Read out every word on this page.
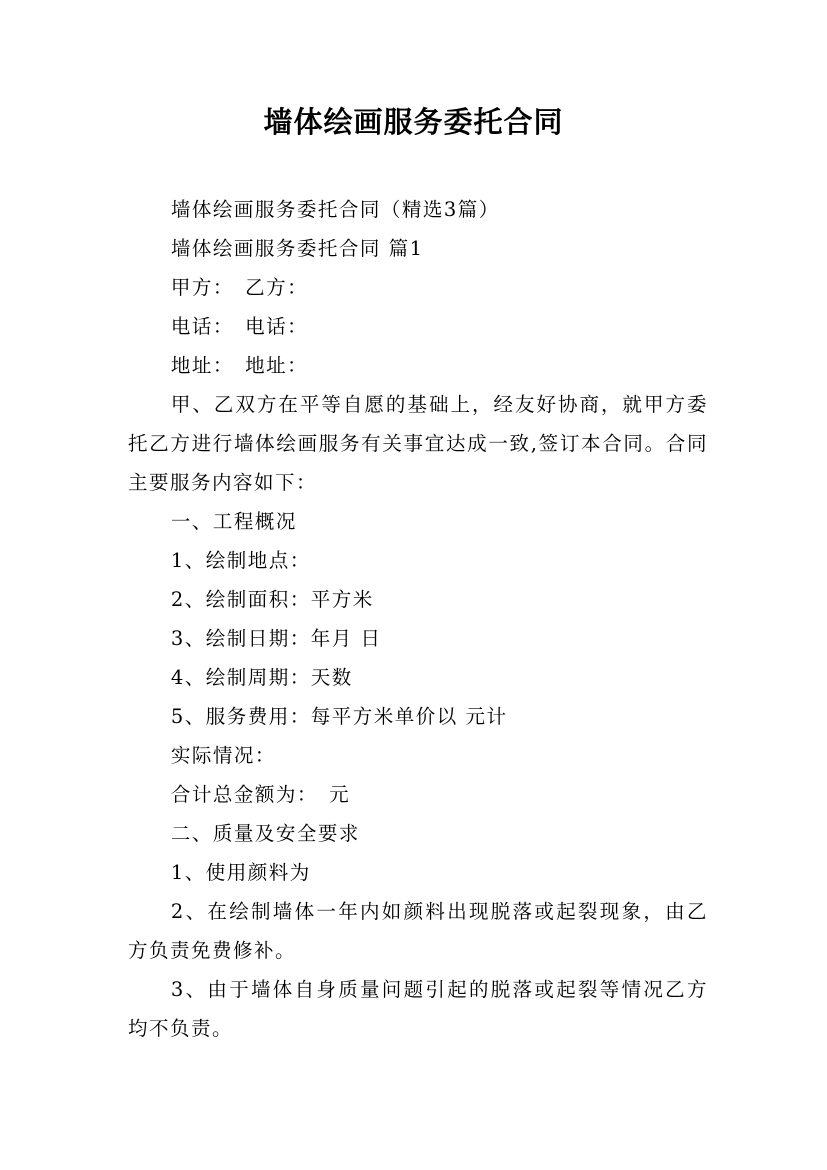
墙体绘画服务委托合同

墙体绘画服务委托合同（精选3篇）

墙体绘画服务委托合同 篇1

甲方：　乙方：

电话：　电话：

地址：　地址：

甲、乙双方在平等自愿的基础上，经友好协商，就甲方委托乙方进行墙体绘画服务有关事宜达成一致,签订本合同。合同主要服务内容如下：

一、工程概况

1、绘制地点：

2、绘制面积：平方米

3、绘制日期：年月 日

4、绘制周期：天数

5、服务费用：每平方米单价以 元计

实际情况：

合计总金额为：　元

二、质量及安全要求

1、使用颜料为

2、在绘制墙体一年内如颜料出现脱落或起裂现象，由乙方负责免费修补。

3、由于墙体自身质量问题引起的脱落或起裂等情况乙方均不负责。
